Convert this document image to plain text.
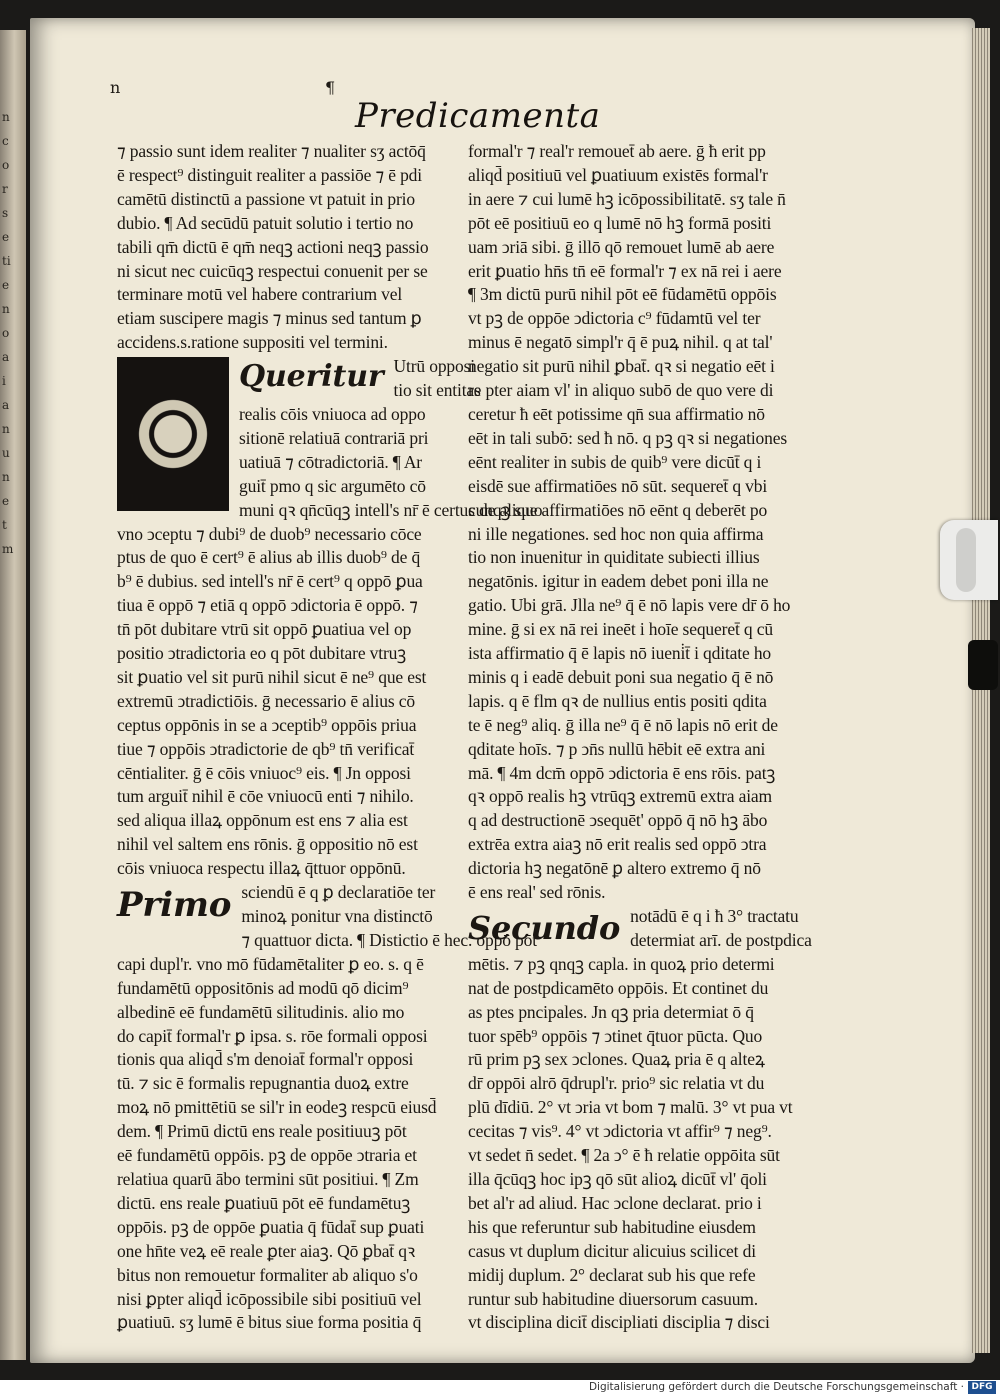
n
c
o
r
s
e
ti
e
n
o
a
i
a
n
u
n
e
t
m
n	¶
Predicamenta
⁊ passio sunt idem realiter ⁊ nualiter sʒ actōq̄
ē respect⁹ distinguit realiter a passiōe ⁊ ē pdi
camētū distinctū a passione vt patuit in prio
dubio. ¶ Ad secūdū patuit solutio i tertio no
tabili qm̄ dictū ē qm̄ neqꝫ actioni neqꝫ passio
ni sicut nec cuicūqꝫ respectui conuenit per se
terminare motū vel habere contrarium vel
etiam suscipere magis ⁊ minus sed tantum ꝑ
accidens.s.ratione suppositi vel termini.
Queritur Utrū opposi
tio sit entitas
realis cōis vniuoca ad oppo
sitionē relatiuā contrariā pri
uatiuā ⁊ cōtradictoriā. ¶ Ar
guit̄ pmo q sic argumēto cō
muni qꝛ qn̄cūqꝫ intell's nr̄ ē certus de aliquo
vno ↄceptu ⁊ dubi⁹ de duob⁹ necessario cōce
ptus de quo ē cert⁹ ē alius ab illis duob⁹ de q̄
b⁹ ē dubius. sed intell's nr̄ ē cert⁹ q oppō ꝑua
tiua ē oppō ⁊ etiā q oppō ↄdictoria ē oppō. ⁊
tn̄ pōt dubitare vtrū sit oppō ꝑuatiua vel op
positio ↄtradictoria eo q pōt dubitare vtruꝫ
sit ꝑuatio vel sit purū nihil sicut ē ne⁹ que est
extremū ↄtradictiōis. ḡ necessario ē alius cō
ceptus oppōnis in se a ↄceptib⁹ oppōis priua
tiue ⁊ oppōis ↄtradictorie de qb⁹ tn̄ verificat̄
cēntialiter. ḡ ē cōis vniuoc⁹ eis. ¶ Jn opposi
tum arguit̄ nihil ē cōe vniuocū enti ⁊ nihilo.
sed aliqua illaꝝ oppōnum est ens ⁊ alia est
nihil vel saltem ens rōnis. ḡ oppositio nō est
cōis vniuoca respectu illaꝝ q̄ttuor oppōnū.
Primo sciendū ē q ꝑ declaratiōe ter
minoꝝ ponitur vna distinctō
⁊ quattuor dicta. ¶ Distictio ē hec. oppō pōt
capi dupl'r. vno mō fūdamētaliter ꝑ eo. s. q ē
fundamētū oppositōnis ad modū qō dicim⁹
albedinē eē fundamētū silitudinis. alio mo
do capit̄ formal'r ꝑ ipsa. s. rōe formali opposi
tionis qua aliqd̄ s'm denoiat̄ formal'r opposi
tū. ⁊ sic ē formalis repugnantia duoꝝ extre
moꝝ nō pmittētiū se sil'r in eodeꝫ respcū eiusd̄
dem. ¶ Primū dictū ens reale positiuuꝫ pōt
eē fundamētū oppōis. pꝫ de oppōe ↄtraria et
relatiua quarū ābo termini sūt positiui. ¶ Zm
dictū. ens reale ꝑuatiuū pōt eē fundamētuꝫ
oppōis. pꝫ de oppōe ꝑuatia q̄ fūdat̄ sup ꝑuati
one hn̄te veꝝ eē reale ꝑter aiaꝫ. Qō ꝑbat̄ qꝛ
bitus non remouetur formaliter ab aliquo s'o
nisi ꝑpter aliqd̄ icōpossibile sibi positiuū vel
ꝑuatiuū. sʒ lumē ē bitus siue forma positia q̄
formal'r ⁊ real'r remouet̄ ab aere. ḡ ħ erit pp
aliqd̄ positiuū vel ꝑuatiuum existēs formal'r
in aere ⁊ cui lumē hꝫ icōpossibilitatē. sʒ tale n̄
pōt eē positiuū eo q lumē nō hꝫ formā positi
uam ↄriā sibi. ḡ illō qō remouet lumē ab aere
erit ꝑuatio hn̄s tn̄ eē formal'r ⁊ ex nā rei i aere
¶ 3m dictū purū nihil pōt eē fūdamētū oppōis
vt pꝫ de oppōe ↄdictoria c⁹ fūdamtū vel ter
minus ē negatō simpl'r q̄ ē puꝝ nihil. q at tal'
negatio sit purū nihil ꝑbat̄. qꝛ si negatio eēt i
re pter aiam vl' in aliquo subō de quo vere di
ceretur ħ eēt potissime qn̄ sua affirmatio nō
eēt in tali subō: sed ħ nō. q pꝫ qꝛ si negationes
eēnt realiter in subis de quib⁹ vere dicūt̄ q i
eisdē sue affirmatiōes nō sūt. sequeret̄ q vbi
cunqꝫ sue affirmatiōes nō eēnt q deberēt po
ni ille negationes. sed hoc non quia affirma
tio non inuenitur in quiditate subiecti illius
negatōnis. igitur in eadem debet poni illa ne
gatio. Ubi grā. Jlla ne⁹ q̄ ē nō lapis vere dr̄ ō ho
mine. ḡ si ex nā rei ineēt i hoīe sequeret̄ q cū
ista affirmatio q̄ ē lapis nō iueni̇t̄ i qditate ho
minis q i eadē debuit poni sua negatio q̄ ē nō
lapis. q ē flm qꝛ de nullius entis positi qdita
te ē neg⁹ aliq. ḡ illa ne⁹ q̄ ē nō lapis nō erit de
qditate hoīs. ⁊ p ↄn̄s nullū hēbit eē extra ani
mā. ¶ 4m dcm̄ oppō ↄdictoria ē ens rōis. patꝫ
qꝛ oppō realis hꝫ vtrūqꝫ extremū extra aiam
q ad destructionē ↄsequēt' oppō q̄ nō hꝫ ābo
extrēa extra aiaꝫ nō erit realis sed oppō ↄtra
dictoria hꝫ negatōnē ꝑ altero extremo q̄ nō
ē ens real' sed rōnis.
Secundo notādū ē q i ħ 3° tractatu
determiat arī. de postpdica
mētis. ⁊ pꝫ qnqꝫ capla. in quoꝝ prio determi
nat de postpdicamēto oppōis. Et continet du
as ptes pncipales. Jn qꝫ pria determiat ō q̄
tuor spēb⁹ oppōis ⁊ ↄtinet q̄tuor pūcta. Quo
rū prim pꝫ sex ↄclones. Quaꝝ pria ē q alteꝝ
dr̄ oppōi alrō q̄drupl'r. prio⁹ sic relatia vt du
plū dīdiū. 2° vt ↄria vt bom ⁊ malū. 3° vt pua vt
cecitas ⁊ vis⁹. 4° vt ↄdictoria vt affir⁹ ⁊ neg⁹.
vt sedet n̄ sedet. ¶ 2a ↄ° ē ħ relatie oppōita sūt
illa q̄cūqꝫ hoc ipꝫ qō sūt alioꝝ dicūt̄ vl' q̄oli
bet al'r ad aliud. Hac ↄclone declarat. prio i
his que referuntur sub habitudine eiusdem
casus vt duplum dicitur alicuius scilicet di
midij duplum. 2° declarat sub his que refe
runtur sub habitudine diuersorum casuum.
vt disciplina dicit̄ discipliati disciplia ⁊ disci
Digitalisierung gefördert durch die Deutsche Forschungsgemeinschaft · DFG
